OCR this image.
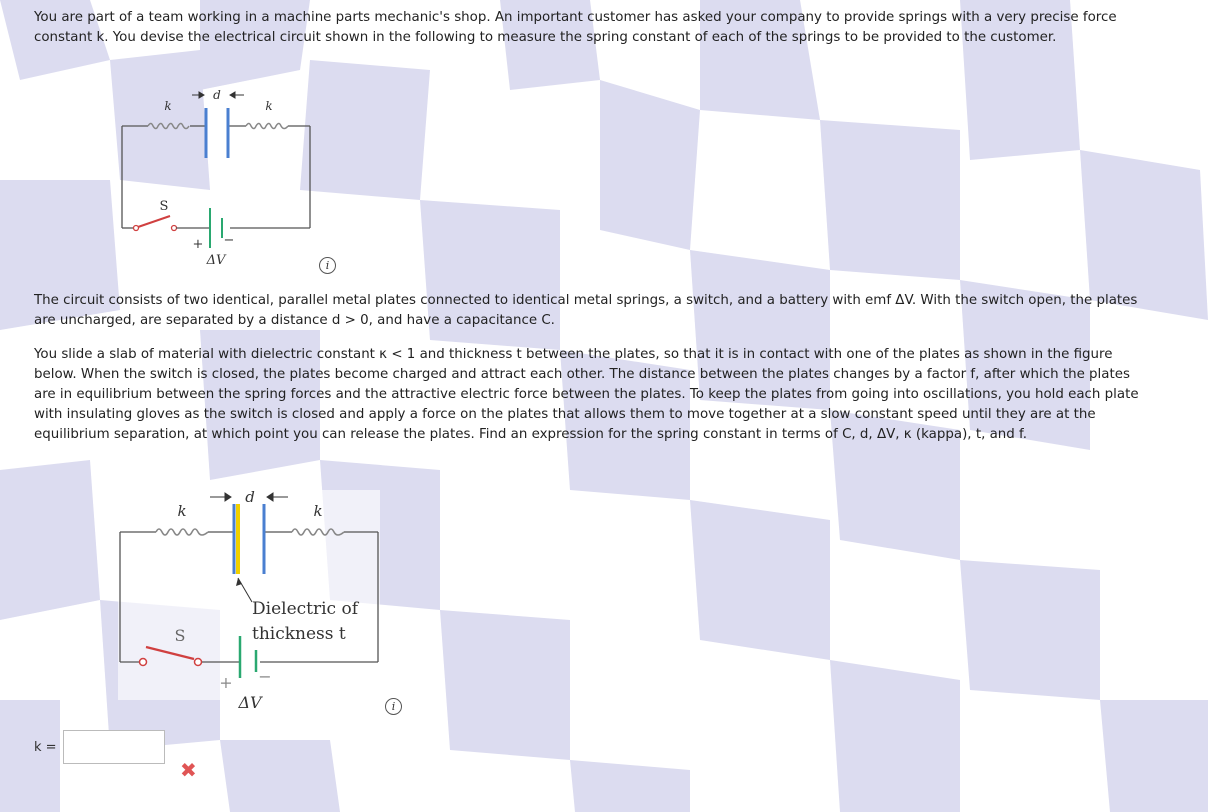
You are part of a team working in a machine parts mechanic's shop. An important customer has asked your company to provide springs with a very precise force constant k. You devise the electrical circuit shown in the following to measure the spring constant of each of the springs to be provided to the customer.

d
k	k
S
+ −
ΔV	i

The circuit consists of two identical, parallel metal plates connected to identical metal springs, a switch, and a battery with emf ΔV. With the switch open, the plates are uncharged, are separated by a distance d > 0, and have a capacitance C.

You slide a slab of material with dielectric constant κ < 1 and thickness t between the plates, so that it is in contact with one of the plates as shown in the figure below. When the switch is closed, the plates become charged and attract each other. The distance between the plates changes by a factor f, after which the plates are in equilibrium between the spring forces and the attractive electric force between the plates. To keep the plates from going into oscillations, you hold each plate with insulating gloves as the switch is closed and apply a force on the plates that allows them to move together at a slow constant speed until they are at the equilibrium separation, at which point you can release the plates. Find an expression for the spring constant in terms of C, d, ΔV, κ (kappa), t, and f.

d
k	k
Dielectric of
thickness t
S
+ −
ΔV	i
k =
✖
